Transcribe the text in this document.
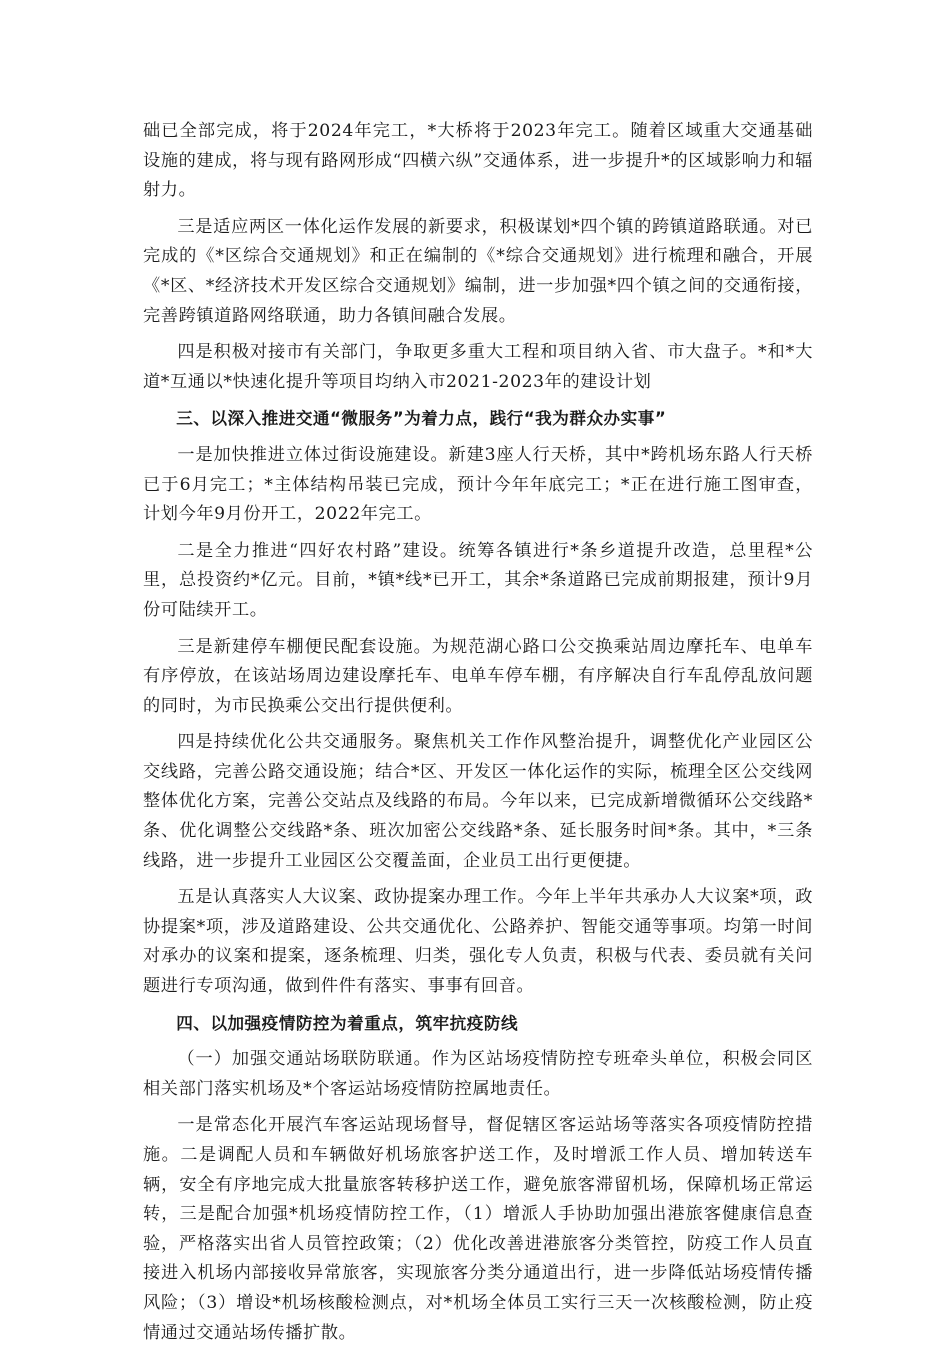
础已全部完成，将于2024年完工，*大桥将于2023年完工。随着区域重大交通基础设施的建成，将与现有路网形成“四横六纵”交通体系，进一步提升*的区域影响力和辐射力。

三是适应两区一体化运作发展的新要求，积极谋划*四个镇的跨镇道路联通。对已完成的《*区综合交通规划》和正在编制的《*综合交通规划》进行梳理和融合，开展《*区、*经济技术开发区综合交通规划》编制，进一步加强*四个镇之间的交通衔接，完善跨镇道路网络联通，助力各镇间融合发展。

四是积极对接市有关部门，争取更多重大工程和项目纳入省、市大盘子。*和*大道*互通以*快速化提升等项目均纳入市2021-2023年的建设计划

三、以深入推进交通“微服务”为着力点，践行“我为群众办实事”

一是加快推进立体过街设施建设。新建3座人行天桥，其中*跨机场东路人行天桥已于6月完工；*主体结构吊装已完成，预计今年年底完工；*正在进行施工图审查，计划今年9月份开工，2022年完工。

二是全力推进“四好农村路”建设。统筹各镇进行*条乡道提升改造，总里程*公里，总投资约*亿元。目前，*镇*线*已开工，其余*条道路已完成前期报建，预计9月份可陆续开工。

三是新建停车棚便民配套设施。为规范湖心路口公交换乘站周边摩托车、电单车有序停放，在该站场周边建设摩托车、电单车停车棚，有序解决自行车乱停乱放问题的同时，为市民换乘公交出行提供便利。

四是持续优化公共交通服务。聚焦机关工作作风整治提升，调整优化产业园区公交线路，完善公路交通设施；结合*区、开发区一体化运作的实际，梳理全区公交线网整体优化方案，完善公交站点及线路的布局。今年以来，已完成新增微循环公交线路*条、优化调整公交线路*条、班次加密公交线路*条、延长服务时间*条。其中，*三条线路，进一步提升工业园区公交覆盖面，企业员工出行更便捷。

五是认真落实人大议案、政协提案办理工作。今年上半年共承办人大议案*项，政协提案*项，涉及道路建设、公共交通优化、公路养护、智能交通等事项。均第一时间对承办的议案和提案，逐条梳理、归类，强化专人负责，积极与代表、委员就有关问题进行专项沟通，做到件件有落实、事事有回音。

四、以加强疫情防控为着重点，筑牢抗疫防线

（一）加强交通站场联防联通。作为区站场疫情防控专班牵头单位，积极会同区相关部门落实机场及*个客运站场疫情防控属地责任。

一是常态化开展汽车客运站现场督导，督促辖区客运站场等落实各项疫情防控措施。二是调配人员和车辆做好机场旅客护送工作，及时增派工作人员、增加转送车辆，安全有序地完成大批量旅客转移护送工作，避免旅客滞留机场，保障机场正常运转，三是配合加强*机场疫情防控工作，（1）增派人手协助加强出港旅客健康信息查验，严格落实出省人员管控政策；（2）优化改善进港旅客分类管控，防疫工作人员直接进入机场内部接收异常旅客，实现旅客分类分通道出行，进一步降低站场疫情传播风险；（3）增设*机场核酸检测点，对*机场全体员工实行三天一次核酸检测，防止疫情通过交通站场传播扩散。
